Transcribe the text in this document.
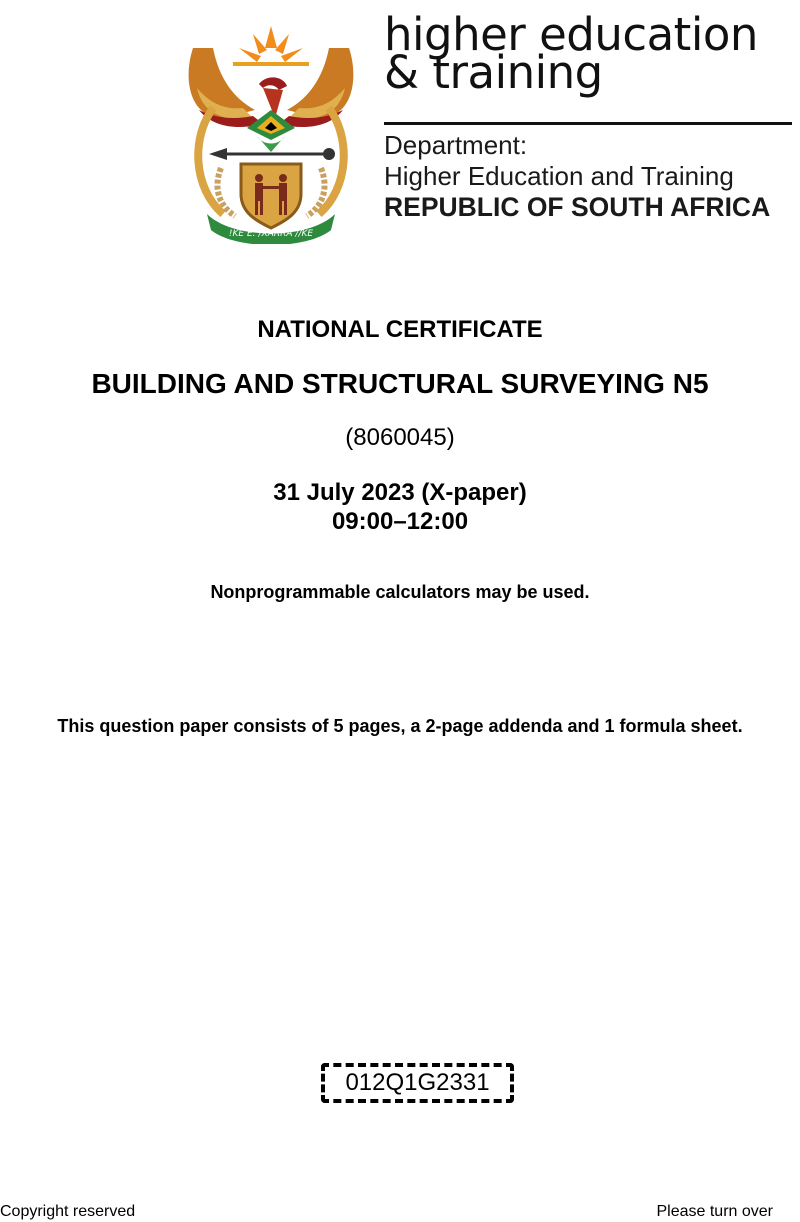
!KE E: /XARRA //KE
higher education
& training
Department:
Higher Education and Training
REPUBLIC OF SOUTH AFRICA
NATIONAL CERTIFICATE
BUILDING AND STRUCTURAL SURVEYING N5
(8060045)
31 July 2023 (X-paper)
09:00–12:00
Nonprogrammable calculators may be used.
This question paper consists of 5 pages, a 2-page addenda and 1 formula sheet.
012Q1G2331
Copyright reserved	Please turn over
